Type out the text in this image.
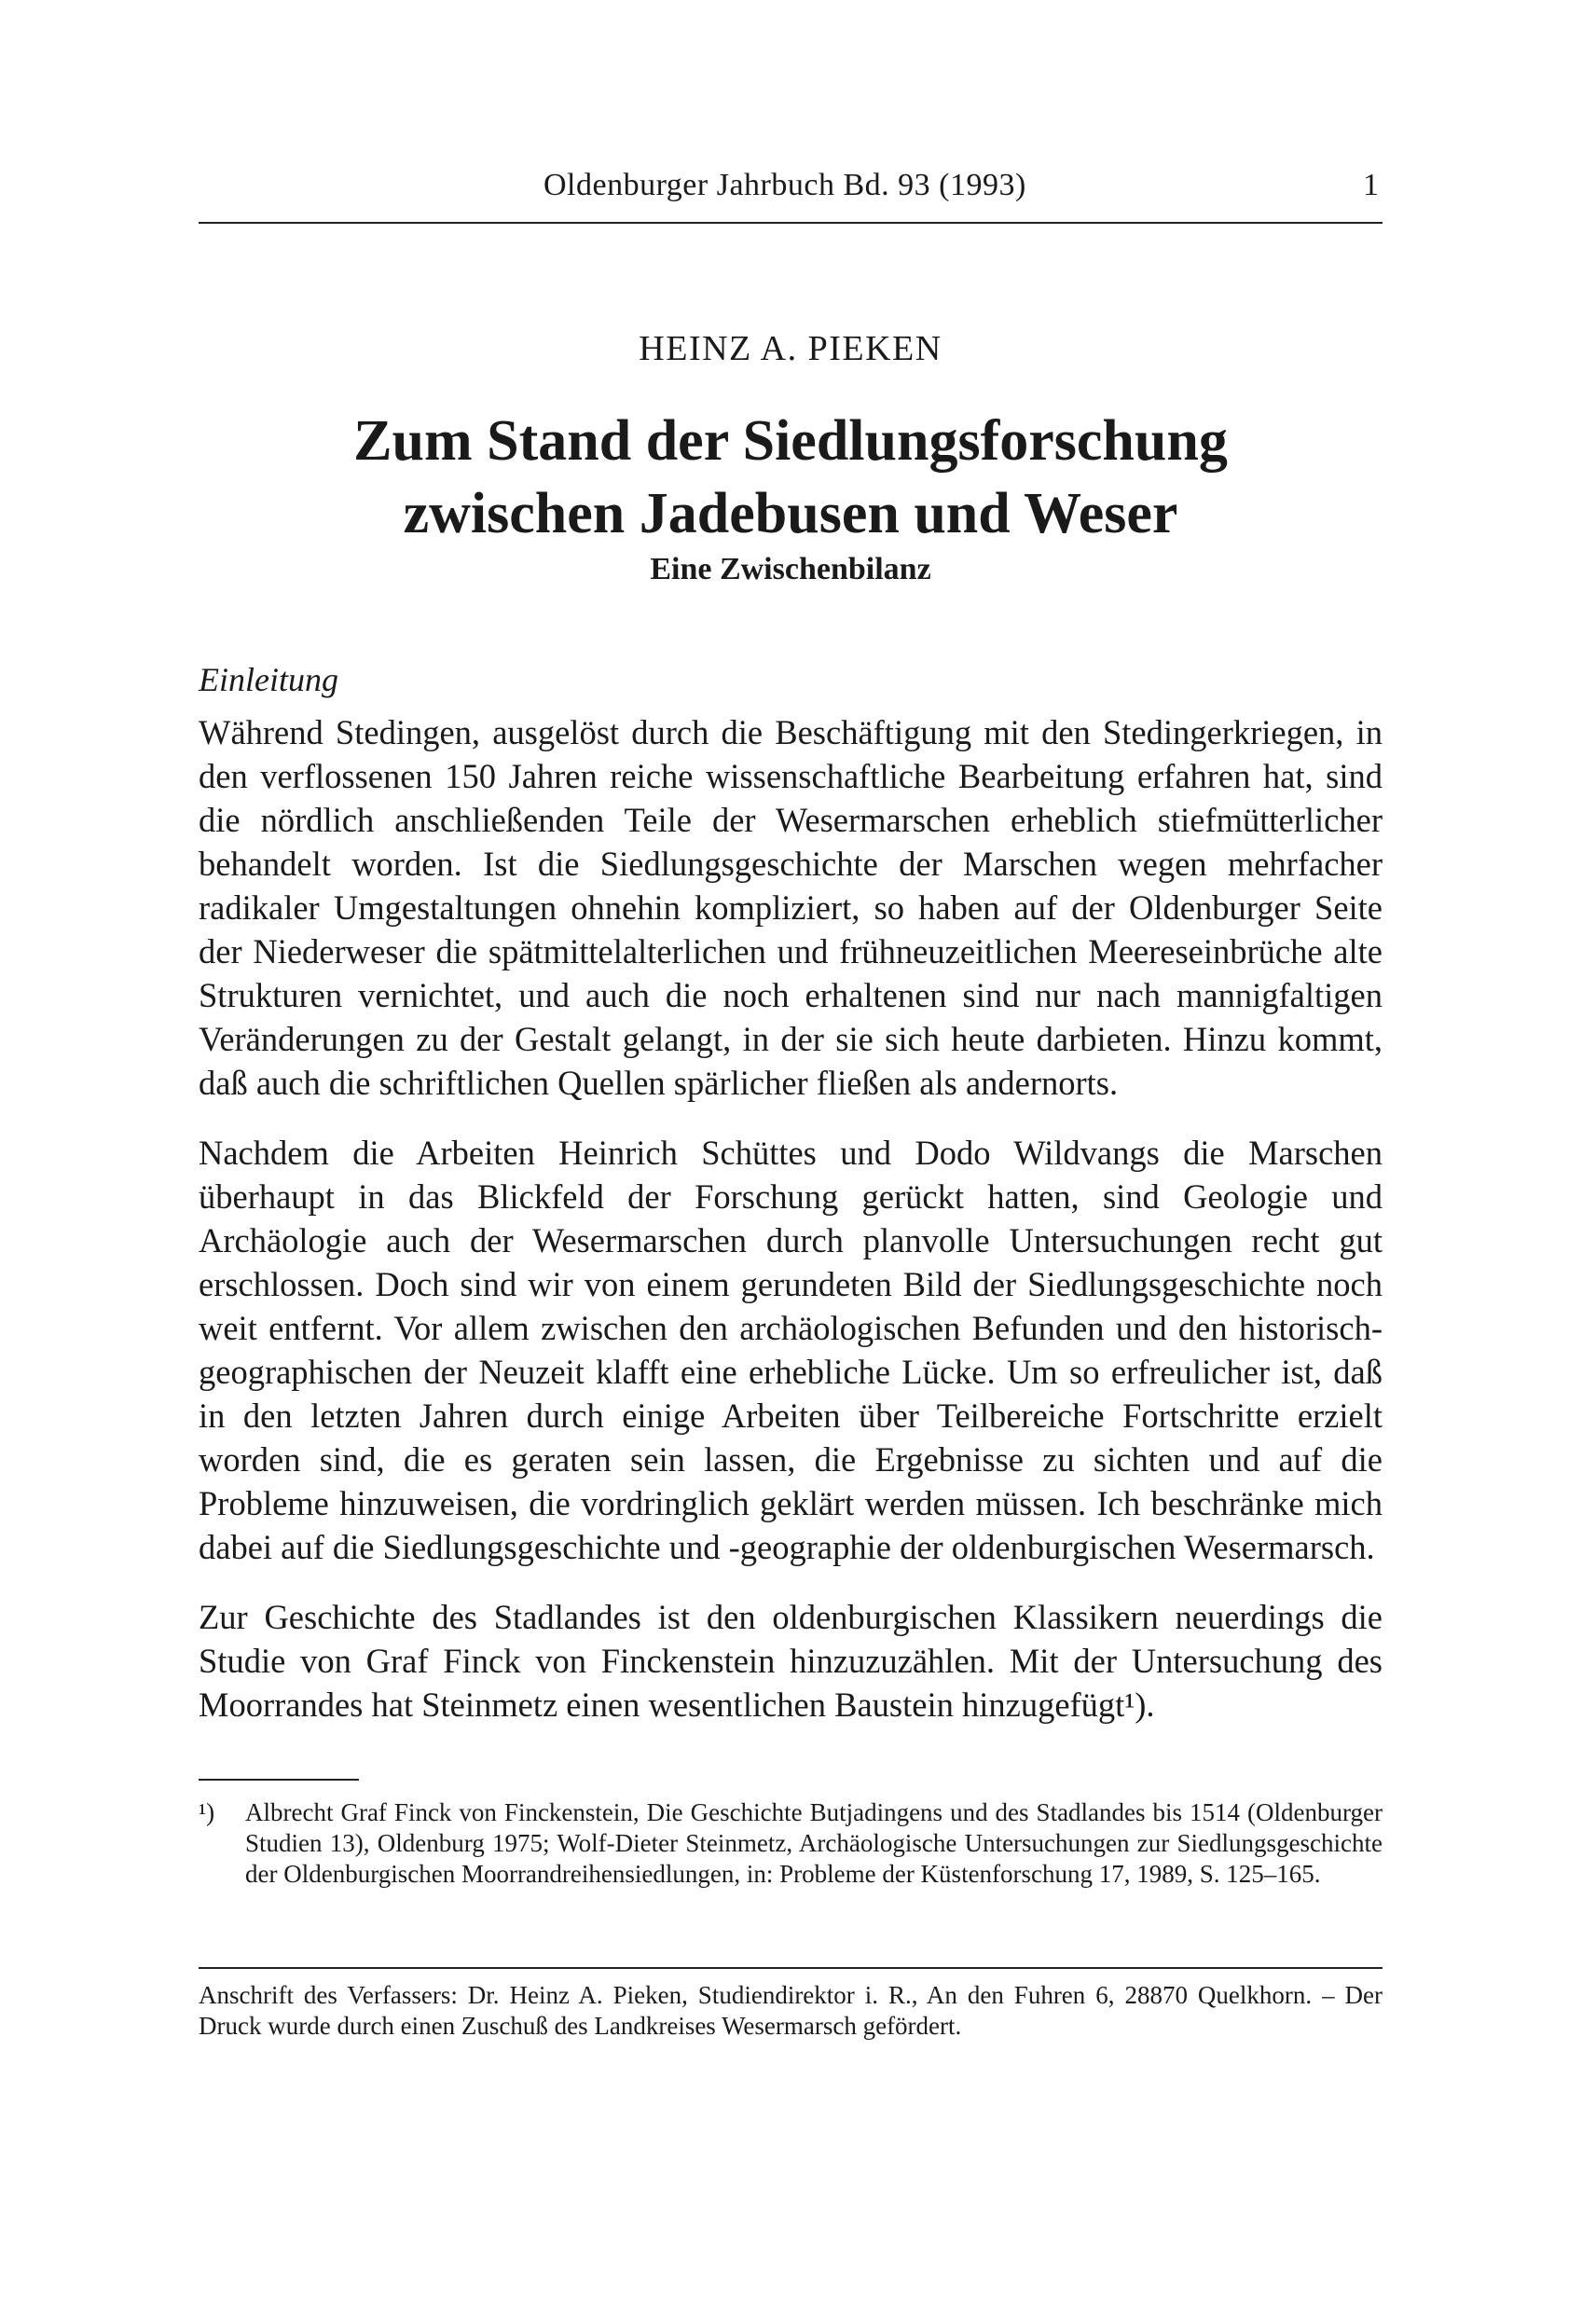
Oldenburger Jahrbuch Bd. 93 (1993)	1
HEINZ A. PIEKEN
Zum Stand der Siedlungsforschung
zwischen Jadebusen und Weser
Eine Zwischenbilanz
Einleitung

Während Stedingen, ausgelöst durch die Beschäftigung mit den Stedingerkriegen, in den verflossenen 150 Jahren reiche wissenschaftliche Bearbeitung erfahren hat, sind die nördlich anschließenden Teile der Wesermarschen erheblich stiefmütterlicher behandelt worden. Ist die Siedlungsgeschichte der Marschen wegen mehrfacher radikaler Umgestaltungen ohnehin kompliziert, so haben auf der Oldenburger Seite der Niederweser die spätmittelalterlichen und frühneuzeitlichen Meereseinbrüche alte Strukturen vernichtet, und auch die noch erhaltenen sind nur nach mannigfaltigen Veränderungen zu der Gestalt gelangt, in der sie sich heute darbieten. Hinzu kommt, daß auch die schriftlichen Quellen spärlicher fließen als andernorts.

Nachdem die Arbeiten Heinrich Schüttes und Dodo Wildvangs die Marschen überhaupt in das Blickfeld der Forschung gerückt hatten, sind Geologie und Archäologie auch der Wesermarschen durch planvolle Untersuchungen recht gut erschlossen. Doch sind wir von einem gerundeten Bild der Siedlungsgeschichte noch weit entfernt. Vor allem zwischen den archäologischen Befunden und den historisch-geographischen der Neuzeit klafft eine erhebliche Lücke. Um so erfreulicher ist, daß in den letzten Jahren durch einige Arbeiten über Teilbereiche Fortschritte erzielt worden sind, die es geraten sein lassen, die Ergebnisse zu sichten und auf die Probleme hinzuweisen, die vordringlich geklärt werden müssen. Ich beschränke mich dabei auf die Siedlungsgeschichte und -geographie der oldenburgischen Wesermarsch.

Zur Geschichte des Stadlandes ist den oldenburgischen Klassikern neuerdings die Studie von Graf Finck von Finckenstein hinzuzuzählen. Mit der Untersuchung des Moorrandes hat Steinmetz einen wesentlichen Baustein hinzugefügt¹).

¹) Albrecht Graf Finck von Finckenstein, Die Geschichte Butjadingens und des Stadlandes bis 1514 (Oldenburger Studien 13), Oldenburg 1975; Wolf-Dieter Steinmetz, Archäologische Untersuchungen zur Siedlungsgeschichte der Oldenburgischen Moorrandreihensiedlungen, in: Probleme der Küstenforschung 17, 1989, S. 125–165.
Anschrift des Verfassers: Dr. Heinz A. Pieken, Studiendirektor i. R., An den Fuhren 6, 28870 Quelkhorn. – Der Druck wurde durch einen Zuschuß des Landkreises Wesermarsch gefördert.
